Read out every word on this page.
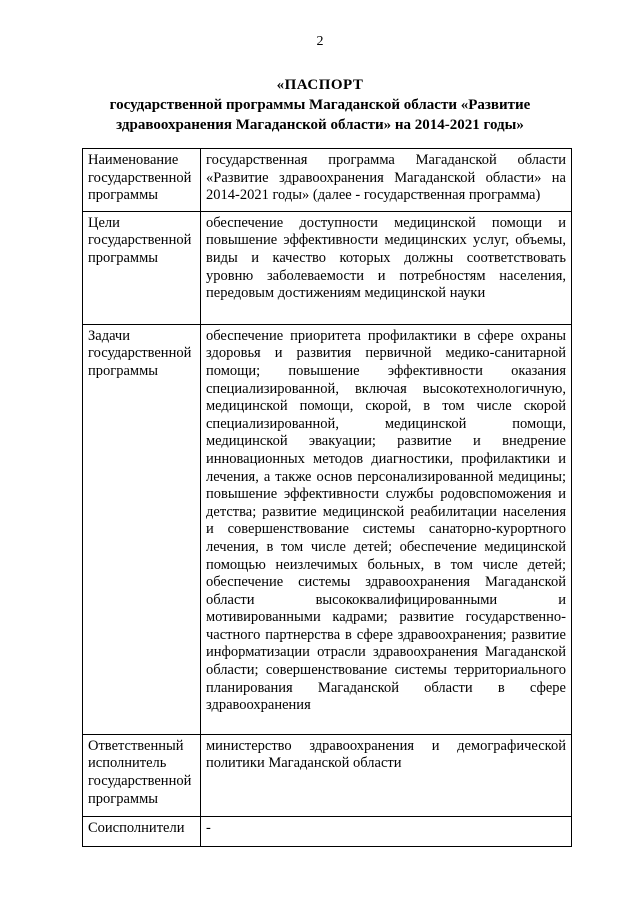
2
«ПАСПОРТ
государственной программы Магаданской области «Развитие
здравоохранения Магаданской области» на 2014-2021 годы»
Наименование государственной программы	государственная программа Магаданской области «Развитие здравоохранения Магаданской области» на 2014-2021 годы» (далее - государственная программа)
Цели государственной программы	обеспечение доступности медицинской помощи и повышение эффективности медицинских услуг, объемы, виды и качество которых должны соответствовать уровню заболеваемости и потребностям населения, передовым достижениям медицинской науки
Задачи государственной программы	обеспечение приоритета профилактики в сфере охраны здоровья и развития первичной медико-санитарной помощи; повышение эффективности оказания специализированной, включая высокотехнологичную, медицинской помощи, скорой, в том числе скорой специализированной, медицинской помощи, медицинской эвакуации; развитие и внедрение инновационных методов диагностики, профилактики и лечения, а также основ персонализированной медицины; повышение эффективности службы родовспоможения и детства; развитие медицинской реабилитации населения и совершенствование системы санаторно-курортного лечения, в том числе детей; обеспечение медицинской помощью неизлечимых больных, в том числе детей; обеспечение системы здравоохранения Магаданской области высококвалифицированными и мотивированными кадрами; развитие государственно-частного партнерства в сфере здравоохранения; развитие информатизации отрасли здравоохранения Магаданской области; совершенствование системы территориального планирования Магаданской области в сфере здравоохранения
Ответственный исполнитель государственной программы	министерство здравоохранения и демографической политики Магаданской области
Соисполнители	-
